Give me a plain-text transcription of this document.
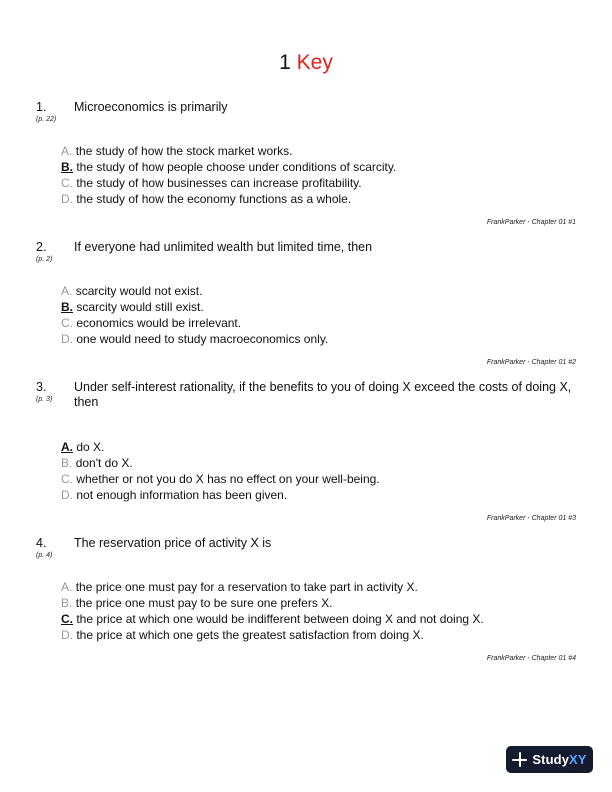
1 Key
1.
(p. 22)
Microeconomics is primarily
A. the study of how the stock market works.
B. the study of how people choose under conditions of scarcity.
C. the study of how businesses can increase profitability.
D. the study of how the economy functions as a whole.
FrankParker - Chapter 01 #1
2.
(p. 2)
If everyone had unlimited wealth but limited time, then
A. scarcity would not exist.
B. scarcity would still exist.
C. economics would be irrelevant.
D. one would need to study macroeconomics only.
FrankParker - Chapter 01 #2
3.
(p. 3)
Under self-interest rationality, if the benefits to you of doing X exceed the costs of doing X, then
A. do X.
B. don't do X.
C. whether or not you do X has no effect on your well-being.
D. not enough information has been given.
FrankParker - Chapter 01 #3
4.
(p. 4)
The reservation price of activity X is
A. the price one must pay for a reservation to take part in activity X.
B. the price one must pay to be sure one prefers X.
C. the price at which one would be indifferent between doing X and not doing X.
D. the price at which one gets the greatest satisfaction from doing X.
FrankParker - Chapter 01 #4
StudyXY
